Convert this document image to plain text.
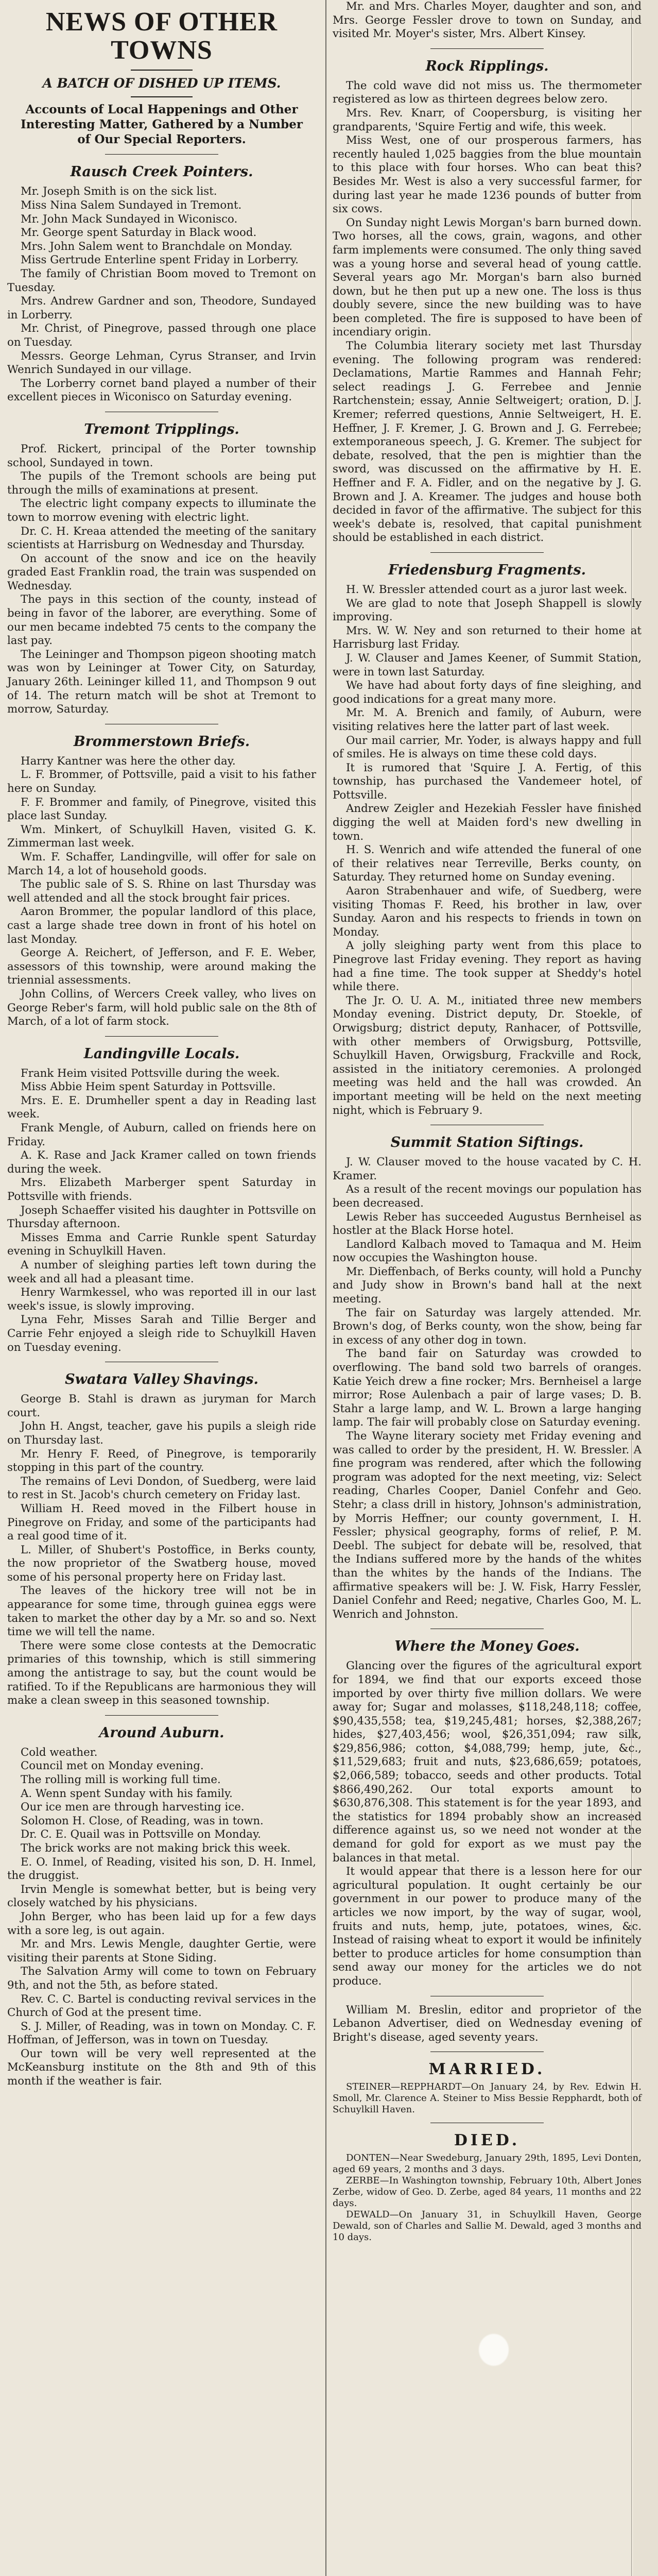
NEWS OF OTHER TOWNS
A BATCH OF DISHED UP ITEMS.
Accounts of Local Happenings and Other Interesting Matter, Gathered by a Number of Our Special Reporters.
Rausch Creek Pointers.

Mr. Joseph Smith is on the sick list.

Miss Nina Salem Sundayed in Tremont.

Mr. John Mack Sundayed in Wiconisco.

Mr. George spent Saturday in Black wood.

Mrs. John Salem went to Branchdale on Monday.

Miss Gertrude Enterline spent Friday in Lorberry.

The family of Christian Boom moved to Tremont on Tuesday.

Mrs. Andrew Gardner and son, Theodore, Sundayed in Lorberry.

Mr. Christ, of Pinegrove, passed through one place on Tuesday.

Messrs. George Lehman, Cyrus Stranser, and Irvin Wenrich Sundayed in our village.

The Lorberry cornet band played a number of their excellent pieces in Wiconisco on Saturday evening.

Tremont Tripplings.

Prof. Rickert, principal of the Porter township school, Sundayed in town.

The pupils of the Tremont schools are being put through the mills of examinations at present.

The electric light company expects to illuminate the town to morrow evening with electric light.

Dr. C. H. Kreaa attended the meeting of the sanitary scientists at Harrisburg on Wednesday and Thursday.

On account of the snow and ice on the heavily graded East Franklin road, the train was suspended on Wednesday.

The pays in this section of the county, instead of being in favor of the laborer, are everything. Some of our men became indebted 75 cents to the company the last pay.

The Leininger and Thompson pigeon shooting match was won by Leininger at Tower City, on Saturday, January 26th. Leininger killed 11, and Thompson 9 out of 14. The return match will be shot at Tremont to morrow, Saturday.

Brommerstown Briefs.

Harry Kantner was here the other day.

L. F. Brommer, of Pottsville, paid a visit to his father here on Sunday.

F. F. Brommer and family, of Pinegrove, visited this place last Sunday.

Wm. Minkert, of Schuylkill Haven, visited G. K. Zimmerman last week.

Wm. F. Schaffer, Landingville, will offer for sale on March 14, a lot of household goods.

The public sale of S. S. Rhine on last Thursday was well attended and all the stock brought fair prices.

Aaron Brommer, the popular landlord of this place, cast a large shade tree down in front of his hotel on last Monday.

George A. Reichert, of Jefferson, and F. E. Weber, assessors of this township, were around making the triennial assessments.

John Collins, of Wercers Creek valley, who lives on George Reber's farm, will hold public sale on the 8th of March, of a lot of farm stock.

Landingville Locals.

Frank Heim visited Pottsville during the week.

Miss Abbie Heim spent Saturday in Pottsville.

Mrs. E. E. Drumheller spent a day in Reading last week.

Frank Mengle, of Auburn, called on friends here on Friday.

A. K. Rase and Jack Kramer called on town friends during the week.

Mrs. Elizabeth Marberger spent Saturday in Pottsville with friends.

Joseph Schaeffer visited his daughter in Pottsville on Thursday afternoon.

Misses Emma and Carrie Runkle spent Saturday evening in Schuylkill Haven.

A number of sleighing parties left town during the week and all had a pleasant time.

Henry Warmkessel, who was reported ill in our last week's issue, is slowly improving.

Lyna Fehr, Misses Sarah and Tillie Berger and Carrie Fehr enjoyed a sleigh ride to Schuylkill Haven on Tuesday evening.

Swatara Valley Shavings.

George B. Stahl is drawn as juryman for March court.

John H. Angst, teacher, gave his pupils a sleigh ride on Thursday last.

Mr. Henry F. Reed, of Pinegrove, is temporarily stopping in this part of the country.

The remains of Levi Dondon, of Suedberg, were laid to rest in St. Jacob's church cemetery on Friday last.

William H. Reed moved in the Filbert house in Pinegrove on Friday, and some of the participants had a real good time of it.

L. Miller, of Shubert's Postoffice, in Berks county, the now proprietor of the Swatberg house, moved some of his personal property here on Friday last.

The leaves of the hickory tree will not be in appearance for some time, through guinea eggs were taken to market the other day by a Mr. so and so. Next time we will tell the name.

There were some close contests at the Democratic primaries of this township, which is still simmering among the antistrage to say, but the count would be ratified. To if the Republicans are harmonious they will make a clean sweep in this seasoned township.

Around Auburn.

Cold weather.

Council met on Monday evening.

The rolling mill is working full time.

A. Wenn spent Sunday with his family.

Our ice men are through harvesting ice.

Solomon H. Close, of Reading, was in town.

Dr. C. E. Quail was in Pottsville on Monday.

The brick works are not making brick this week.

E. O. Inmel, of Reading, visited his son, D. H. Inmel, the druggist.

Irvin Mengle is somewhat better, but is being very closely watched by his physicians.

John Berger, who has been laid up for a few days with a sore leg, is out again.

Mr. and Mrs. Lewis Mengle, daughter Gertie, were visiting their parents at Stone Siding.

The Salvation Army will come to town on February 9th, and not the 5th, as before stated.

Rev. C. C. Bartel is conducting revival services in the Church of God at the present time.

S. J. Miller, of Reading, was in town on Monday. C. F. Hoffman, of Jefferson, was in town on Tuesday.

Our town will be very well represented at the McKeansburg institute on the 8th and 9th of this month if the weather is fair.

Mr. and Mrs. Charles Moyer, daughter and son, and Mrs. George Fessler drove to town on Sunday, and visited Mr. Moyer's sister, Mrs. Albert Kinsey.

Rock Ripplings.

The cold wave did not miss us. The thermometer registered as low as thirteen degrees below zero.

Mrs. Rev. Knarr, of Coopersburg, is visiting her grandparents, 'Squire Fertig and wife, this week.

Miss West, one of our prosperous farmers, has recently hauled 1,025 baggies from the blue mountain to this place with four horses. Who can beat this? Besides Mr. West is also a very successful farmer, for during last year he made 1236 pounds of butter from six cows.

On Sunday night Lewis Morgan's barn burned down. Two horses, all the cows, grain, wagons, and other farm implements were consumed. The only thing saved was a young horse and several head of young cattle. Several years ago Mr. Morgan's barn also burned down, but he then put up a new one. The loss is thus doubly severe, since the new building was to have been completed. The fire is supposed to have been of incendiary origin.

The Columbia literary society met last Thursday evening. The following program was rendered: Declamations, Martie Rammes and Hannah Fehr; select readings J. G. Ferrebee and Jennie Rartchenstein; essay, Annie Seltweigert; oration, D. J. Kremer; referred questions, Annie Seltweigert, H. E. Heffner, J. F. Kremer, J. G. Brown and J. G. Ferrebee; extemporaneous speech, J. G. Kremer. The subject for debate, resolved, that the pen is mightier than the sword, was discussed on the affirmative by H. E. Heffner and F. A. Fidler, and on the negative by J. G. Brown and J. A. Kreamer. The judges and house both decided in favor of the affirmative. The subject for this week's debate is, resolved, that capital punishment should be established in each district.

Friedensburg Fragments.

H. W. Bressler attended court as a juror last week.

We are glad to note that Joseph Shappell is slowly improving.

Mrs. W. W. Ney and son returned to their home at Harrisburg last Friday.

J. W. Clauser and James Keener, of Summit Station, were in town last Saturday.

We have had about forty days of fine sleighing, and good indications for a great many more.

Mr. M. A. Brenich and family, of Auburn, were visiting relatives here the latter part of last week.

Our mail carrier, Mr. Yoder, is always happy and full of smiles. He is always on time these cold days.

It is rumored that 'Squire J. A. Fertig, of this township, has purchased the Vandemeer hotel, of Pottsville.

Andrew Zeigler and Hezekiah Fessler have finished digging the well at Maiden ford's new dwelling in town.

H. S. Wenrich and wife attended the funeral of one of their relatives near Terreville, Berks county, on Saturday. They returned home on Sunday evening.

Aaron Strabenhauer and wife, of Suedberg, were visiting Thomas F. Reed, his brother in law, over Sunday. Aaron and his respects to friends in town on Monday.

A jolly sleighing party went from this place to Pinegrove last Friday evening. They report as having had a fine time. The took supper at Sheddy's hotel while there.

The Jr. O. U. A. M., initiated three new members Monday evening. District deputy, Dr. Stoekle, of Orwigsburg; district deputy, Ranhacer, of Pottsville, with other members of Orwigsburg, Pottsville, Schuylkill Haven, Orwigsburg, Frackville and Rock, assisted in the initiatory ceremonies. A prolonged meeting was held and the hall was crowded. An important meeting will be held on the next meeting night, which is February 9.

Summit Station Siftings.

J. W. Clauser moved to the house vacated by C. H. Kramer.

As a result of the recent movings our population has been decreased.

Lewis Reber has succeeded Augustus Bernheisel as hostler at the Black Horse hotel.

Landlord Kalbach moved to Tamaqua and M. Heim now occupies the Washington house.

Mr. Dieffenbach, of Berks county, will hold a Punchy and Judy show in Brown's band hall at the next meeting.

The fair on Saturday was largely attended. Mr. Brown's dog, of Berks county, won the show, being far in excess of any other dog in town.

The band fair on Saturday was crowded to overflowing. The band sold two barrels of oranges. Katie Yeich drew a fine rocker; Mrs. Bernheisel a large mirror; Rose Aulenbach a pair of large vases; D. B. Stahr a large lamp, and W. L. Brown a large hanging lamp. The fair will probably close on Saturday evening.

The Wayne literary society met Friday evening and was called to order by the president, H. W. Bressler. A fine program was rendered, after which the following program was adopted for the next meeting, viz: Select reading, Charles Cooper, Daniel Confehr and Geo. Stehr; a class drill in history, Johnson's administration, by Morris Heffner; our county government, I. H. Fessler; physical geography, forms of relief, P. M. Deebl. The subject for debate will be, resolved, that the Indians suffered more by the hands of the whites than the whites by the hands of the Indians. The affirmative speakers will be: J. W. Fisk, Harry Fessler, Daniel Confehr and Reed; negative, Charles Goo, M. L. Wenrich and Johnston.

Where the Money Goes.

Glancing over the figures of the agricultural export for 1894, we find that our exports exceed those imported by over thirty five million dollars. We were away for; Sugar and molasses, $118,248,118; coffee, $90,435,558; tea, $19,245,481; horses, $2,388,267; hides, $27,403,456; wool, $26,351,094; raw silk, $29,856,986; cotton, $4,088,799; hemp, jute, &c., $11,529,683; fruit and nuts, $23,686,659; potatoes, $2,066,589; tobacco, seeds and other products. Total $866,490,262. Our total exports amount to $630,876,308. This statement is for the year 1893, and the statistics for 1894 probably show an increased difference against us, so we need not wonder at the demand for gold for export as we must pay the balances in that metal.

It would appear that there is a lesson here for our agricultural population. It ought certainly be our government in our power to produce many of the articles we now import, by the way of sugar, wool, fruits and nuts, hemp, jute, potatoes, wines, &c. Instead of raising wheat to export it would be infinitely better to produce articles for home consumption than send away our money for the articles we do not produce.

William M. Breslin, editor and proprietor of the Lebanon Advertiser, died on Wednesday evening of Bright's disease, aged seventy years.

MARRIED.

STEINER—REPPHARDT—On January 24, by Rev. Edwin H. Smoll, Mr. Clarence A. Steiner to Miss Bessie Repphardt, both of Schuylkill Haven.

DIED.

DONTEN—Near Swedeburg, January 29th, 1895, Levi Donten, aged 69 years, 2 months and 3 days.

ZERBE—In Washington township, February 10th, Albert Jones Zerbe, widow of Geo. D. Zerbe, aged 84 years, 11 months and 22 days.

DEWALD—On January 31, in Schuylkill Haven, George Dewald, son of Charles and Sallie M. Dewald, aged 3 months and 10 days.
